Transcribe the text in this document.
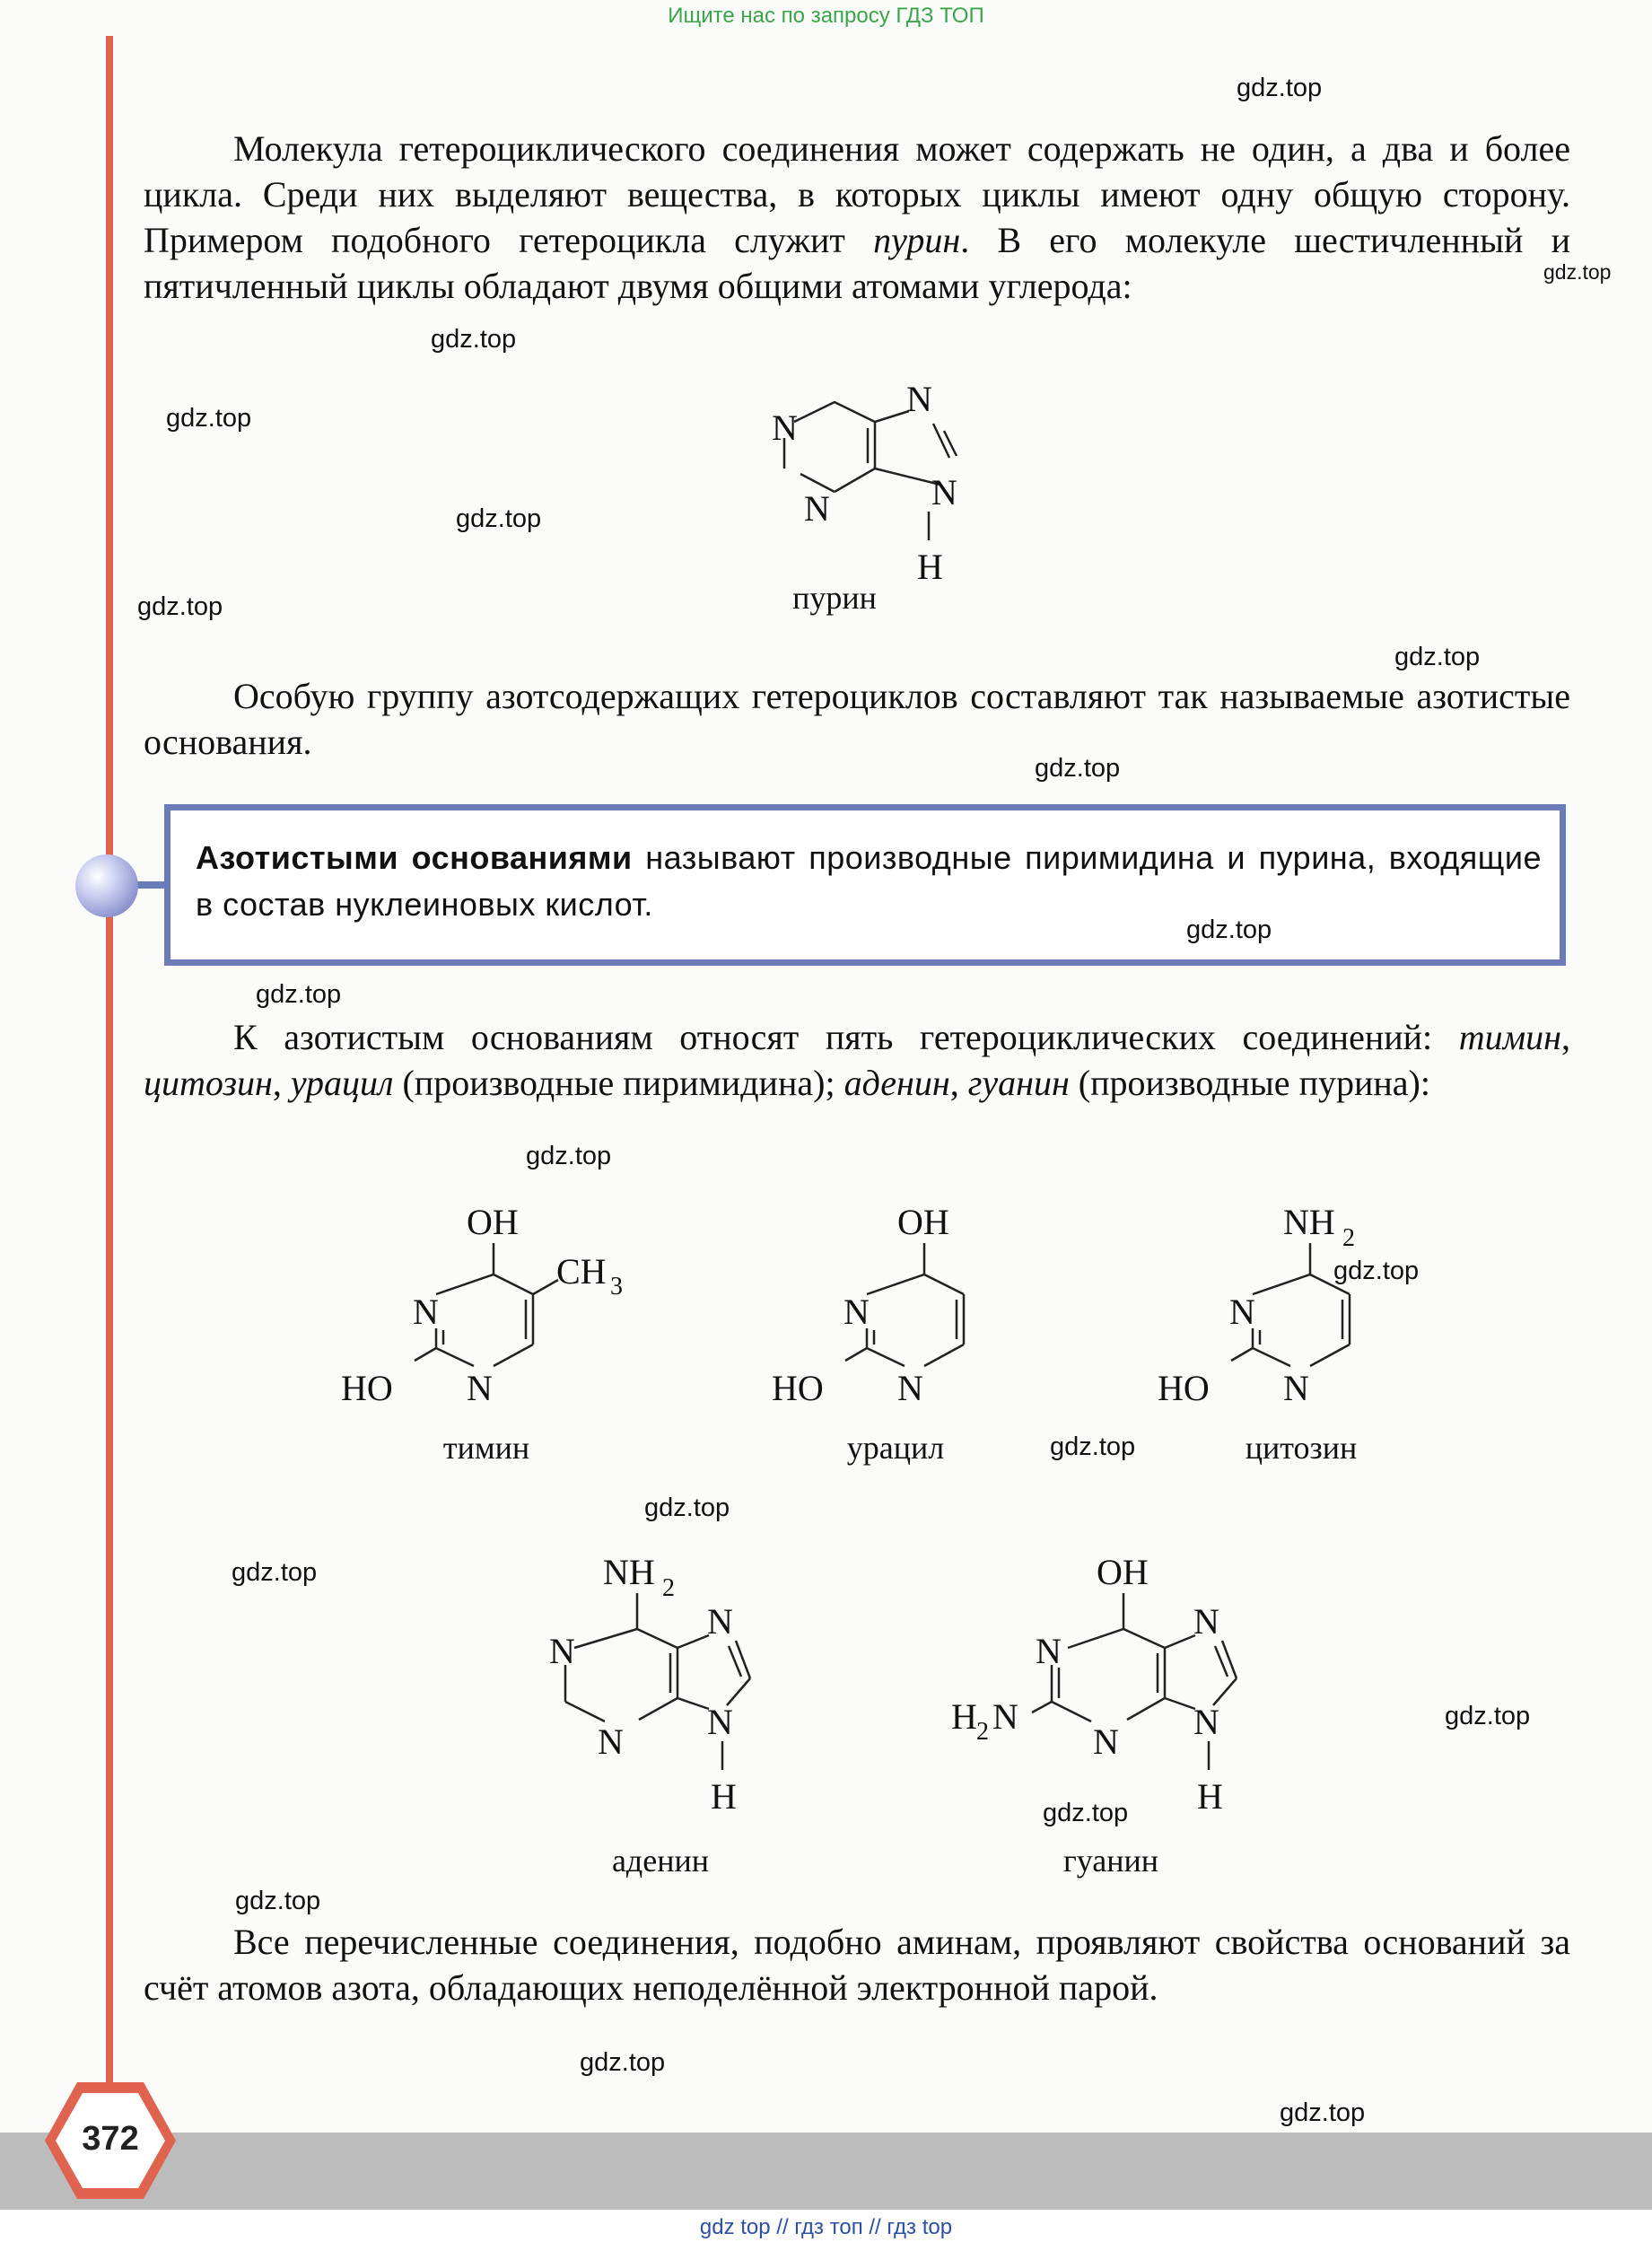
Ищите нас по запросу ГДЗ ТОП

Молекула гетероциклического соединения может содержать не один, а два и более цикла. Среди них выделяют вещества, в которых циклы имеют одну общую сторону. Примером подобного гетероцикла служит пурин. В его молекуле шестичленный и пятичленный циклы обладают двумя общими атомами углерода:

N
N
N
N
H
пурин

Особую группу азотсодержащих гетероциклов составляют так называемые азотистые основания.

Азотистыми основаниями называют производные пиримидина и пурина, входящие в состав нуклеиновых кислот.

К азотистым основаниям относят пять гетероциклических соединений: тимин, цитозин, урацил (производные пиримидина); аденин, гуанин (производные пурина):

OH
CH 3
N
N
HO
тимин
OH
N
N
HO
урацил
NH 2
N
N
HO
цитозин
NH 2
N
N
N
N
H
аденин
OH
N
N
N
N
H 2 N
H
гуанин

Все перечисленные соединения, подобно аминам, проявляют свойства оснований за счёт атомов азота, обладающих неподелённой электронной парой.

gdz.top
gdz.top
gdz.top
gdz.top
gdz.top
gdz.top
gdz.top
gdz.top
gdz.top
gdz.top
gdz.top
gdz.top
gdz.top
gdz.top
gdz.top
gdz.top
gdz.top
gdz.top
gdz.top
gdz.top
372
gdz top // гдз топ // гдз top
